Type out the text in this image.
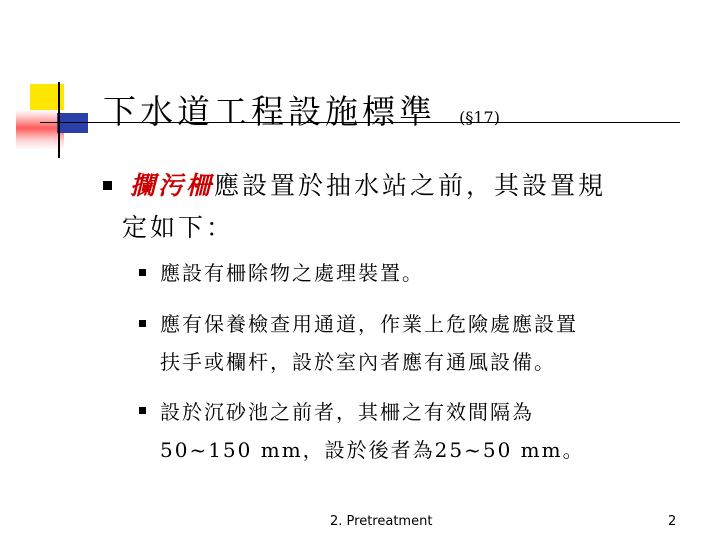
下水道工程設施標準 (§17)
攔污柵應設置於抽水站之前，其設置規
定如下：
應設有柵除物之處理裝置。
應有保養檢查用通道，作業上危險處應設置
扶手或欄杆，設於室內者應有通風設備。
設於沉砂池之前者，其柵之有效間隔為
50~150 mm，設於後者為25~50 mm。
2. Pretreatment	2
